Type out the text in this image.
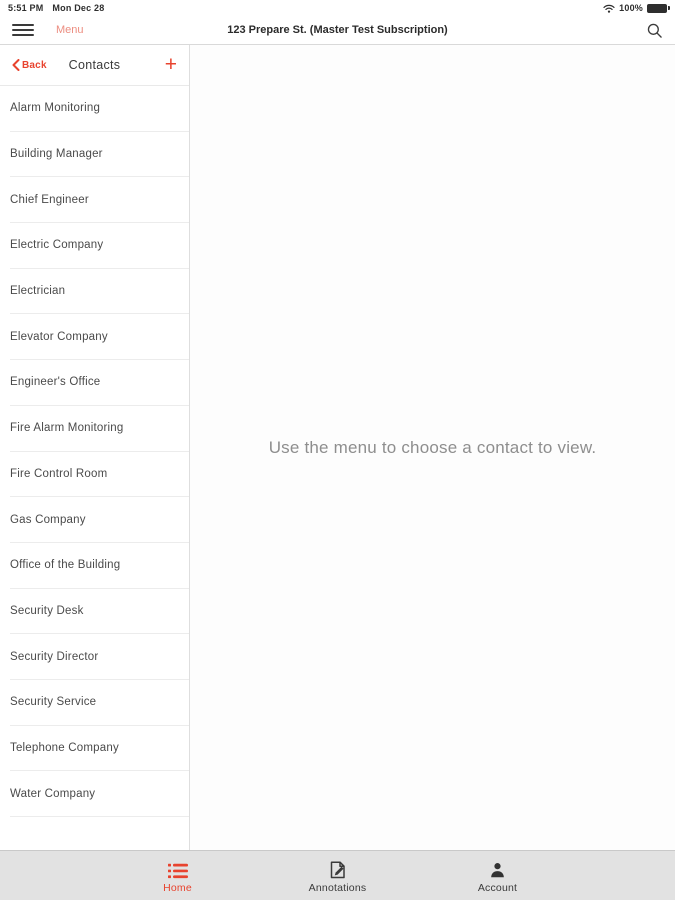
5:51 PM Mon Dec 28	100%
Menu	123 Prepare St. (Master Test Subscription)
Back	Contacts	+
Alarm Monitoring
Building Manager
Chief Engineer
Electric Company
Electrician
Elevator Company
Engineer's Office
Fire Alarm Monitoring
Fire Control Room
Gas Company
Office of the Building
Security Desk
Security Director
Security Service
Telephone Company
Water Company
Use the menu to choose a contact to view.
Home	Annotations	Account
